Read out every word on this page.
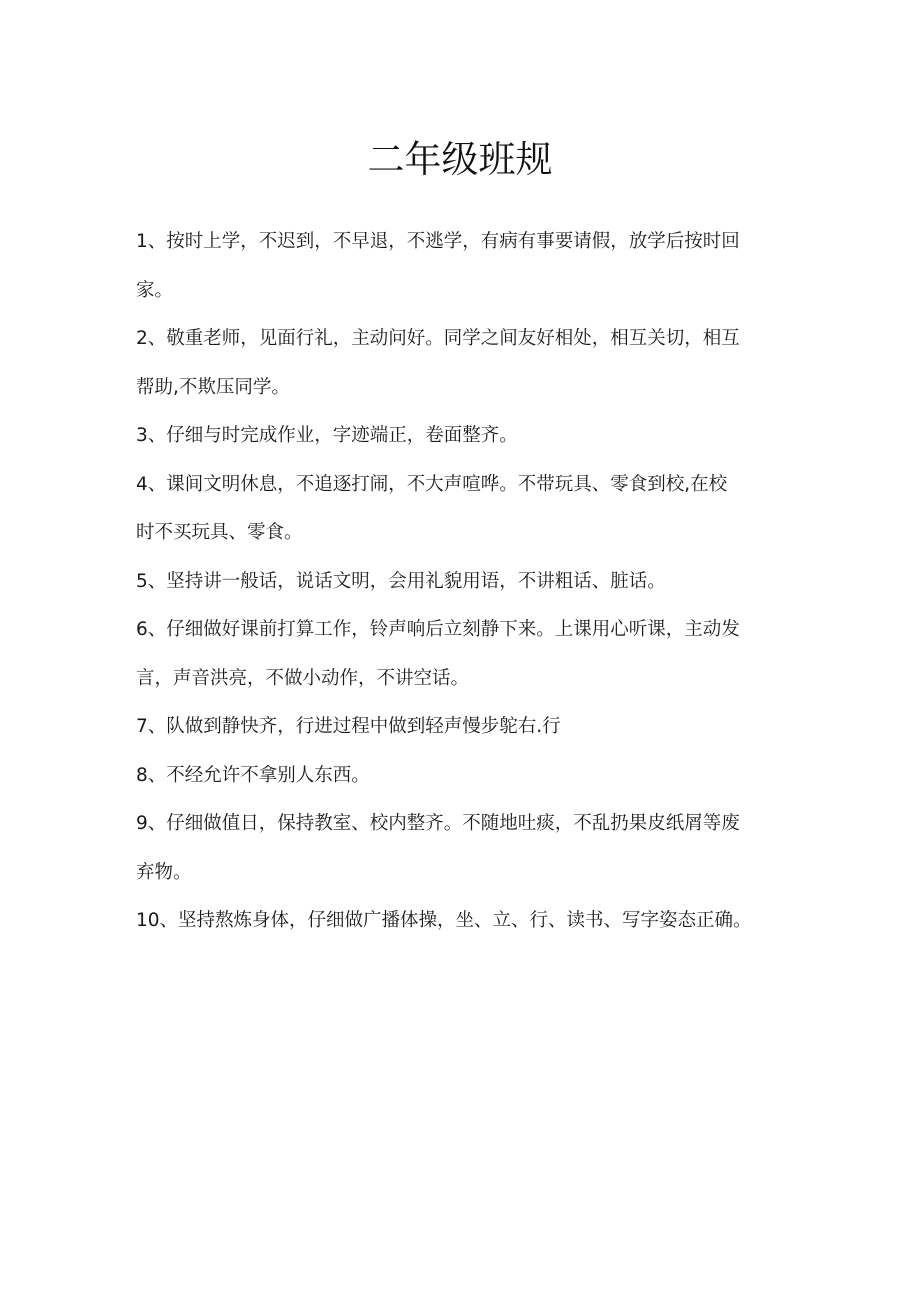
二年级班规

1、按时上学，不迟到，不早退，不逃学，有病有事要请假，放学后按时回

家。

2、敬重老师，见面行礼，主动问好。同学之间友好相处，相互关切，相互

帮助,不欺压同学。

3、仔细与时完成作业，字迹端正，卷面整齐。

4、课间文明休息，不追逐打闹，不大声喧哗。不带玩具、零食到校,在校

时不买玩具、零食。

5、坚持讲一般话，说话文明，会用礼貌用语，不讲粗话、脏话。

6、仔细做好课前打算工作，铃声响后立刻静下来。上课用心听课，主动发

言，声音洪亮，不做小动作，不讲空话。

7、队做到静快齐，行进过程中做到轻声慢步鸵右.行

8、不经允许不拿别人东西。

9、仔细做值日，保持教室、校内整齐。不随地吐痰，不乱扔果皮纸屑等废

弃物。

10、坚持熬炼身体，仔细做广播体操，坐、立、行、读书、写字姿态正确。
